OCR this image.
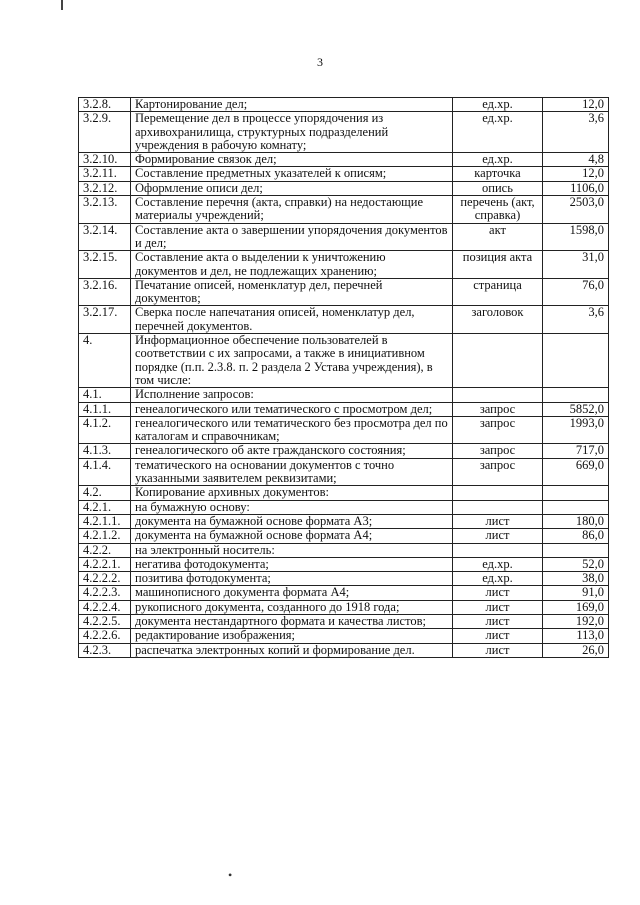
3
3.2.8.	Картонирование дел;	ед.хр.	12,0
3.2.9.	Перемещение дел в процессе упорядочения из архивохранилища, структурных подразделений учреждения в рабочую комнату;	ед.хр.	3,6
3.2.10.	Формирование связок дел;	ед.хр.	4,8
3.2.11.	Составление предметных указателей к описям;	карточка	12,0
3.2.12.	Оформление описи дел;	опись	1106,0
3.2.13.	Составление перечня (акта, справки) на недостающие материалы учреждений;	перечень (акт, справка)	2503,0
3.2.14.	Составление акта о завершении упорядочения документов и дел;	акт	1598,0
3.2.15.	Составление акта о выделении к уничтожению документов и дел, не подлежащих хранению;	позиция акта	31,0
3.2.16.	Печатание описей, номенклатур дел, перечней документов;	страница	76,0
3.2.17.	Сверка после напечатания описей, номенклатур дел, перечней документов.	заголовок	3,6
4.	Информационное обеспечение пользователей в соответствии с их запросами, а также в инициативном порядке (п.п. 2.3.8. п. 2 раздела 2 Устава учреждения), в том числе:		
4.1.	Исполнение запросов:		
4.1.1.	генеалогического или тематического с просмотром дел;	запрос	5852,0
4.1.2.	генеалогического или тематического без просмотра дел по каталогам и справочникам;	запрос	1993,0
4.1.3.	генеалогического об акте гражданского состояния;	запрос	717,0
4.1.4.	тематического на основании документов с точно указанными заявителем реквизитами;	запрос	669,0
4.2.	Копирование архивных документов:		
4.2.1.	на бумажную основу:		
4.2.1.1.	документа на бумажной основе формата А3;	лист	180,0
4.2.1.2.	документа на бумажной основе формата А4;	лист	86,0
4.2.2.	на электронный носитель:		
4.2.2.1.	негатива фотодокумента;	ед.хр.	52,0
4.2.2.2.	позитива фотодокумента;	ед.хр.	38,0
4.2.2.3.	машинописного документа формата А4;	лист	91,0
4.2.2.4.	рукописного документа, созданного до 1918 года;	лист	169,0
4.2.2.5.	документа нестандартного формата и качества листов;	лист	192,0
4.2.2.6.	редактирование изображения;	лист	113,0
4.2.3.	распечатка электронных копий и формирование дел.	лист	26,0
•
